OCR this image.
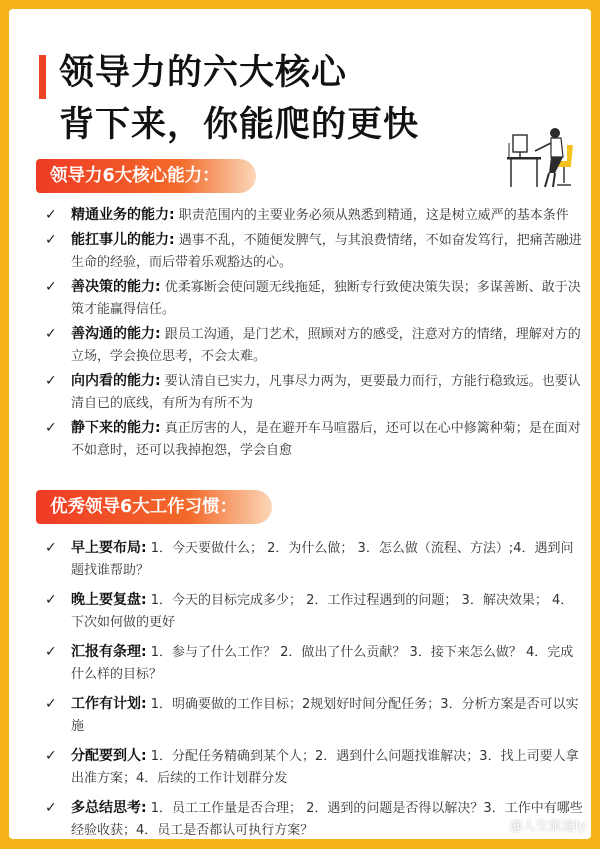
领导力的六大核心
背下来，你能爬的更快
领导力6大核心能力：
✓ 精通业务的能力: 职责范围内的主要业务必须从熟悉到精通，这是树立威严的基本条件
✓ 能扛事儿的能力: 遇事不乱，不随便发脾气，与其浪费情绪，不如奋发笃行，把痛苦融进生命的经验，而后带着乐观豁达的心。
✓ 善决策的能力: 优柔寡断会使问题无线拖延，独断专行致使决策失误；多谋善断、敢于决策才能赢得信任。
✓ 善沟通的能力: 跟员工沟通，是门艺术，照顾对方的感受，注意对方的情绪，理解对方的立场，学会换位思考，不会太难。
✓ 向内看的能力: 要认清自已实力，凡事尽力两为，更要最力而行，方能行稳致远。也要认清自已的底线，有所为有所不为
✓ 静下来的能力: 真正厉害的人，是在避开车马喧嚣后，还可以在心中修篱种菊；是在面对不如意时，还可以我掉抱怨，学会自愈
优秀领导6大工作习惯：
✓ 早上要布局: 1．今天要做什么； 2．为什么做； 3．怎么做（流程、方法）;4．遇到问题找谁帮助？
✓ 晚上要复盘: 1．今天的目标完成多少； 2．工作过程遇到的问题； 3．解决效果； 4．下次如何做的更好
✓ 汇报有条理: 1．参与了什么工作？ 2．做出了什么贡献？ 3．接下来怎么做？ 4．完成什么样的目标？
✓ 工作有计划: 1．明确要做的工作目标；2规划好时间分配任务；3．分析方案是否可以实施
✓ 分配要到人: 1．分配任务精确到某个人；2．遇到什么问题找谁解决；3．找上司要人拿出准方案；4．后续的工作计划群分发
✓ 多总结思考: 1．员工工作量是否合理； 2．遇到的问题是否得以解决？3．工作中有哪些经验收获；4．员工是否都认可执行方案？	@人生旅途ly
